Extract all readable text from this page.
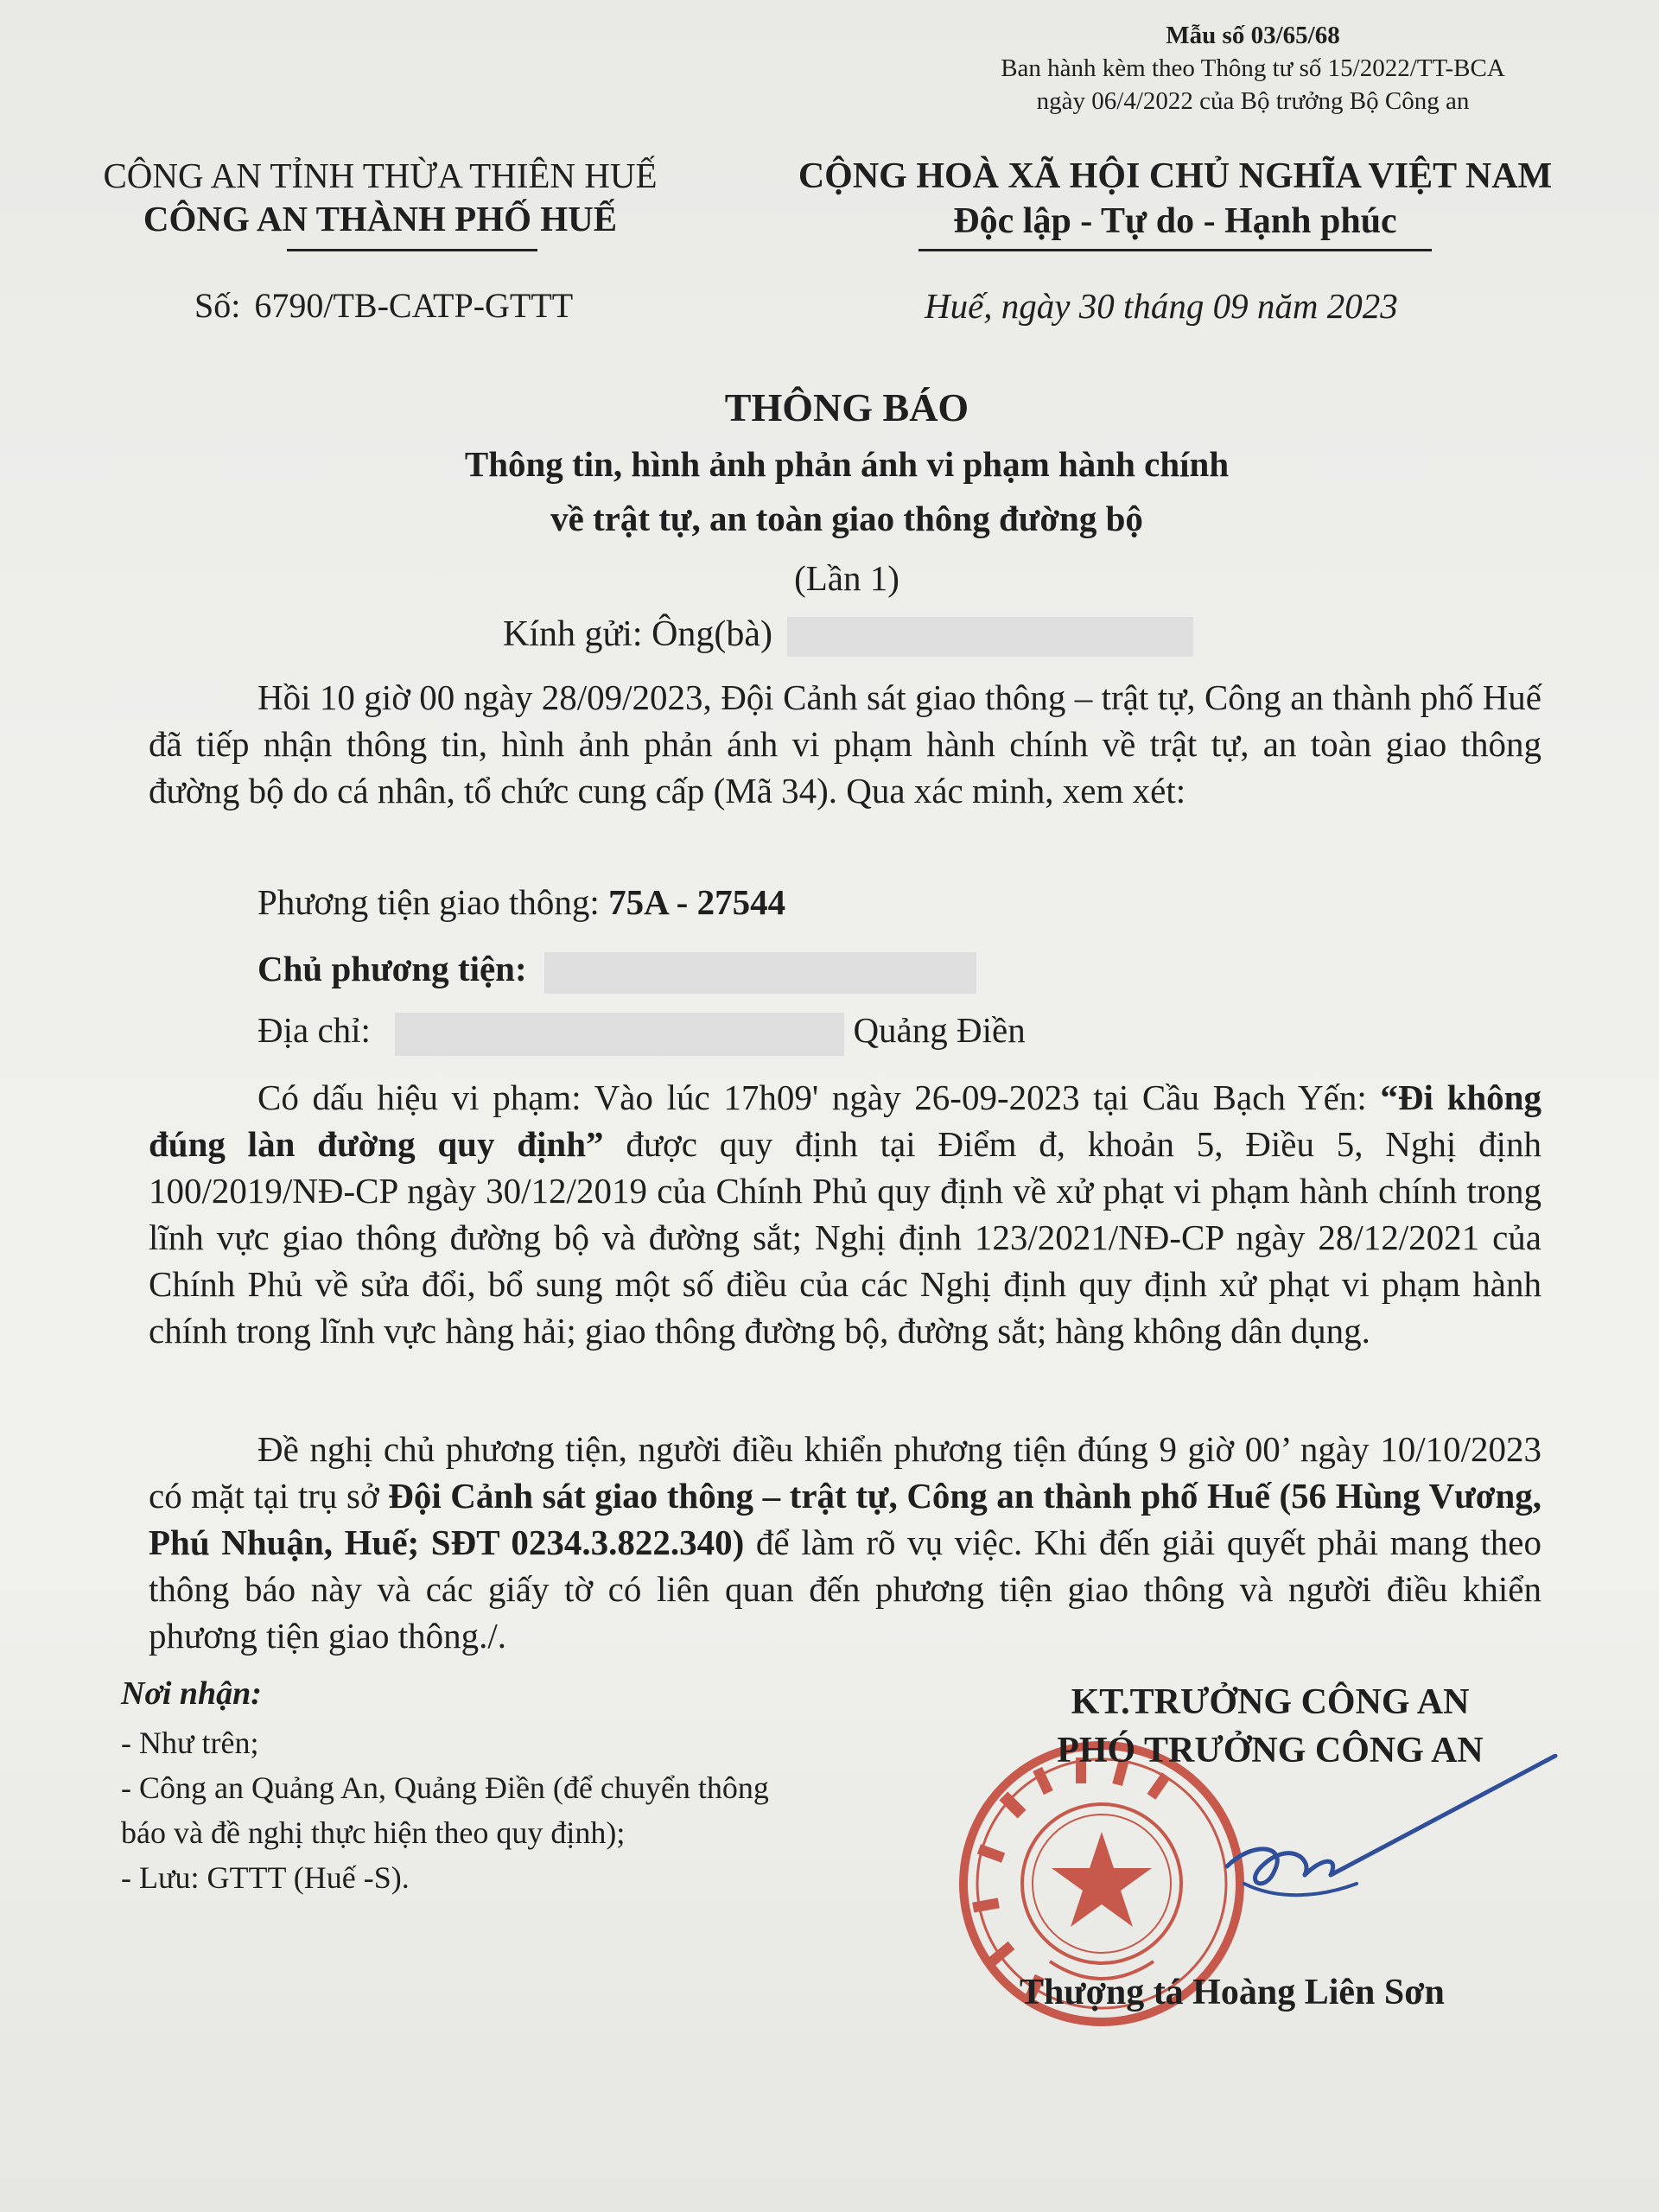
Mẫu số 03/65/68
Ban hành kèm theo Thông tư số 15/2022/TT-BCA
ngày 06/4/2022 của Bộ trưởng Bộ Công an
CÔNG AN TỈNH THỪA THIÊN HUẾ
CÔNG AN THÀNH PHỐ HUẾ
CỘNG HOÀ XÃ HỘI CHỦ NGHĨA VIỆT NAM
Độc lập - Tự do - Hạnh phúc
Số: 6790/TB-CATP-GTTT	Huế, ngày 30 tháng 09 năm 2023
THÔNG BÁO
Thông tin, hình ảnh phản ánh vi phạm hành chính
về trật tự, an toàn giao thông đường bộ
(Lần 1)
Kính gửi: Ông(bà)
Hồi 10 giờ 00 ngày 28/09/2023, Đội Cảnh sát giao thông – trật tự, Công an thành phố Huế đã tiếp nhận thông tin, hình ảnh phản ánh vi phạm hành chính về trật tự, an toàn giao thông đường bộ do cá nhân, tổ chức cung cấp (Mã 34). Qua xác minh, xem xét:
Phương tiện giao thông: 75A - 27544
Chủ phương tiện:
Địa chỉ:	Quảng Điền
Có dấu hiệu vi phạm: Vào lúc 17h09' ngày 26-09-2023 tại Cầu Bạch Yến: “Đi không đúng làn đường quy định” được quy định tại Điểm đ, khoản 5, Điều 5, Nghị định 100/2019/NĐ-CP ngày 30/12/2019 của Chính Phủ quy định về xử phạt vi phạm hành chính trong lĩnh vực giao thông đường bộ và đường sắt; Nghị định 123/2021/NĐ-CP ngày 28/12/2021 của Chính Phủ về sửa đổi, bổ sung một số điều của các Nghị định quy định xử phạt vi phạm hành chính trong lĩnh vực hàng hải; giao thông đường bộ, đường sắt; hàng không dân dụng.
Đề nghị chủ phương tiện, người điều khiển phương tiện đúng 9 giờ 00’ ngày 10/10/2023 có mặt tại trụ sở Đội Cảnh sát giao thông – trật tự, Công an thành phố Huế (56 Hùng Vương, Phú Nhuận, Huế; SĐT 0234.3.822.340) để làm rõ vụ việc. Khi đến giải quyết phải mang theo thông báo này và các giấy tờ có liên quan đến phương tiện giao thông và người điều khiển phương tiện giao thông./.
Nơi nhận:
- Như trên;
- Công an Quảng An, Quảng Điền (để chuyển thông
báo và đề nghị thực hiện theo quy định);
- Lưu: GTTT (Huế -S).
KT.TRƯỞNG CÔNG AN
PHÓ TRƯỞNG CÔNG AN
Thượng tá Hoàng Liên Sơn
